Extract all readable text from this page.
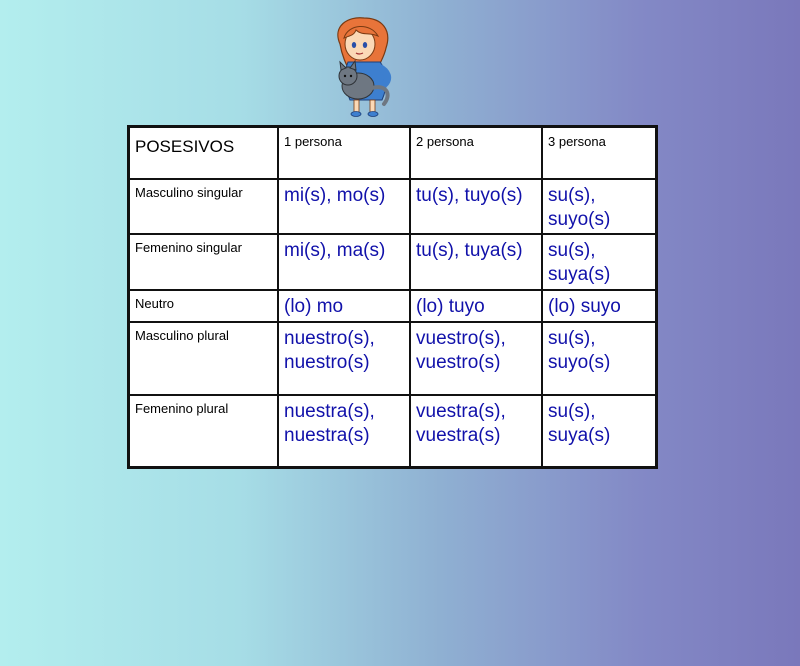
POSESIVOS	1 persona	2 persona	3 persona

Masculino singular	mi(s), mo(s)	tu(s), tuyo(s)	su(s), suyo(s)

Femenino singular	mi(s), ma(s)	tu(s), tuya(s)	su(s), suya(s)

Neutro	(lo) mo	(lo) tuyo	(lo) suyo

Masculino plural	nuestro(s), nuestro(s)	vuestro(s), vuestro(s)	su(s), suyo(s)

Femenino plural	nuestra(s), nuestra(s)	vuestra(s), vuestra(s)	su(s), suya(s)
